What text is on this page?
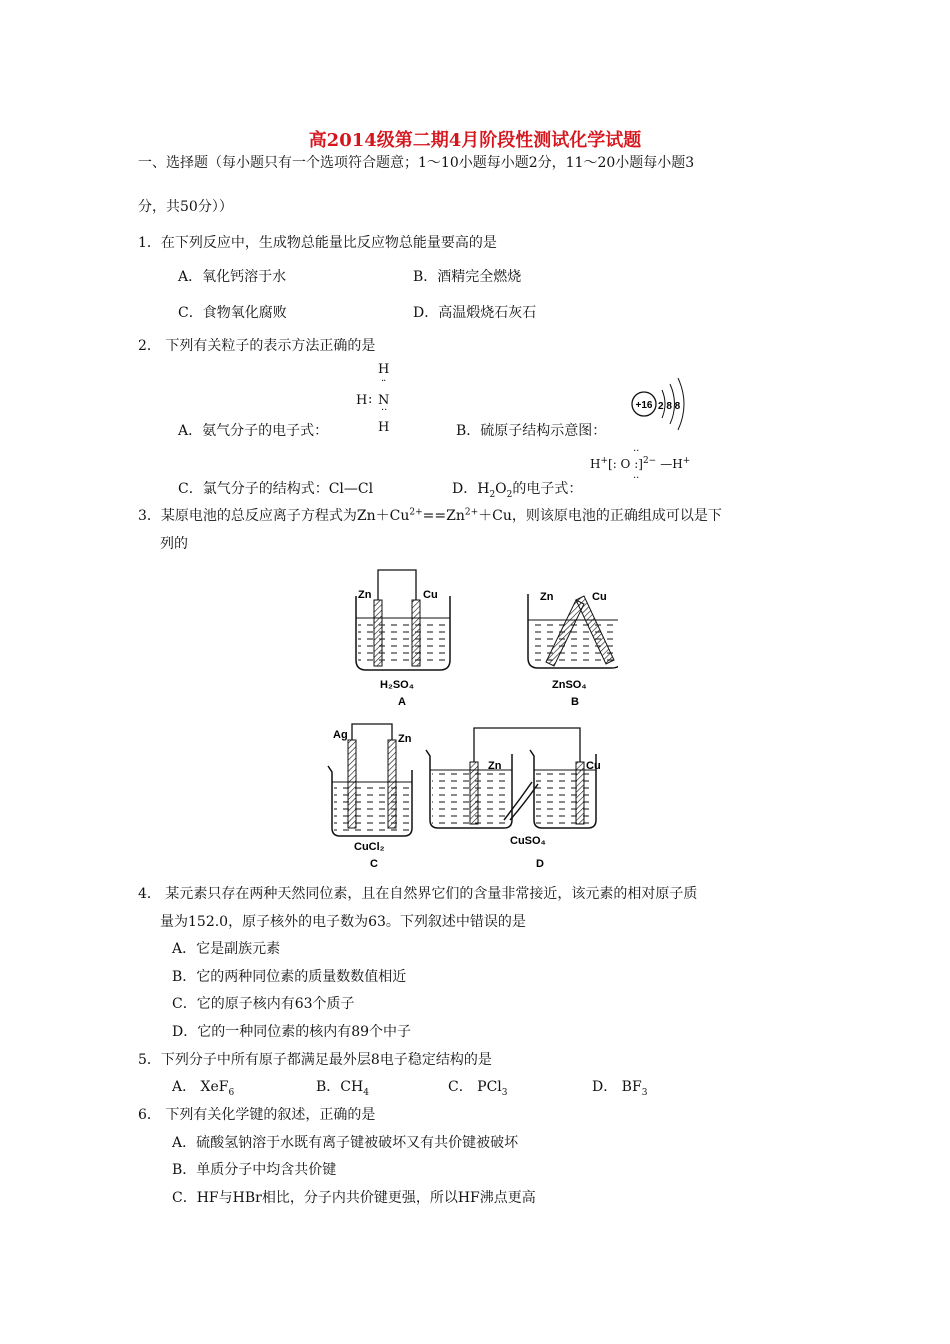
高2014级第二期4月阶段性测试化学试题
一、选择题（每小题只有一个选项符合题意；1～10小题每小题2分，11～20小题每小题3
分，共50分））
1．在下列反应中，生成物总能量比反应物总能量要高的是
A．氧化钙溶于水	B．酒精完全燃烧
C．食物氧化腐败	D．高温煅烧石灰石
2． 下列有关粒子的表示方法正确的是
H
··
H : N
··
H
A．氨气分子的电子式：	B．硫原子结构示意图：
+16 2 8 8
C．氯气分子的结构式：Cl—Cl	D．$H_2O_2$的电子式：
H+[: O :]$^{2-}$ —H+
··
··
3．某原电池的总反应离子方程式为$Zn+Cu^{2+}==Zn^{2+}+Cu$，则该原电池的正确组成可以是下
列的
Zn	Cu
H₂SO₄
A
Zn	Cu
ZnSO₄
B
Ag	Zn
CuCl₂
C
Zn	Cu
CuSO₄
D
4． 某元素只存在两种天然同位素，且在自然界它们的含量非常接近，该元素的相对原子质
量为152.0，原子核外的电子数为63。下列叙述中错误的是
A．它是副族元素
B．它的两种同位素的质量数数值相近
C．它的原子核内有63个质子
D．它的一种同位素的核内有89个中子
5．下列分子中所有原子都满足最外层8电子稳定结构的是
A． XeF$_6$	B．$CH_4$	C． PCl$_3$	D． $BF_3$
6． 下列有关化学键的叙述，正确的是
A．硫酸氢钠溶于水既有离子键被破坏又有共价键被破坏
B．单质分子中均含共价键
C．HF与HBr相比，分子内共价键更强，所以HF沸点更高
